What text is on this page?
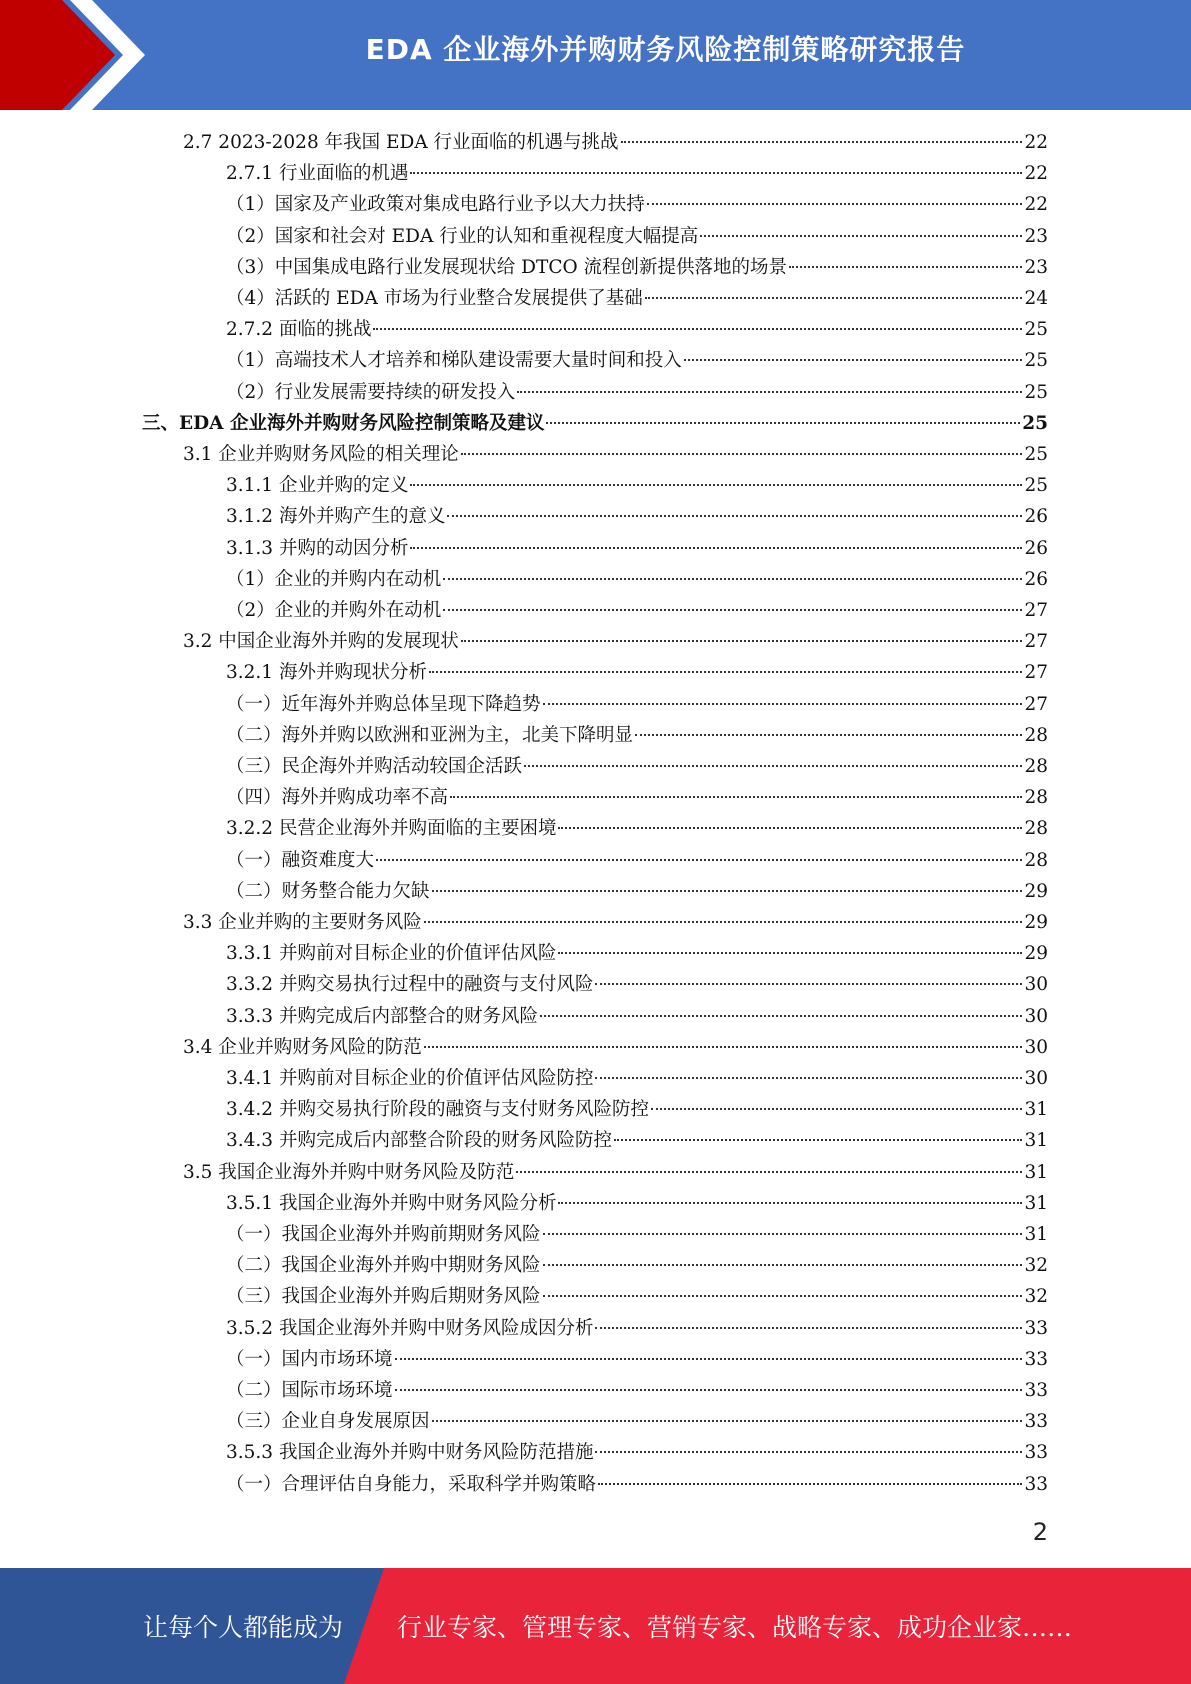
EDA 企业海外并购财务风险控制策略研究报告
2.7 2023-2028 年我国 EDA 行业面临的机遇与挑战	22
2.7.1 行业面临的机遇	22
（1）国家及产业政策对集成电路行业予以大力扶持	22
（2）国家和社会对 EDA 行业的认知和重视程度大幅提高	23
（3）中国集成电路行业发展现状给 DTCO 流程创新提供落地的场景	23
（4）活跃的 EDA 市场为行业整合发展提供了基础	24
2.7.2 面临的挑战	25
（1）高端技术人才培养和梯队建设需要大量时间和投入	25
（2）行业发展需要持续的研发投入	25
三、EDA 企业海外并购财务风险控制策略及建议	25
3.1 企业并购财务风险的相关理论	25
3.1.1 企业并购的定义	25
3.1.2 海外并购产生的意义	26
3.1.3 并购的动因分析	26
（1）企业的并购内在动机	26
（2）企业的并购外在动机	27
3.2 中国企业海外并购的发展现状	27
3.2.1 海外并购现状分析	27
（一）近年海外并购总体呈现下降趋势	27
（二）海外并购以欧洲和亚洲为主，北美下降明显	28
（三）民企海外并购活动较国企活跃	28
（四）海外并购成功率不高	28
3.2.2 民营企业海外并购面临的主要困境	28
（一）融资难度大	28
（二）财务整合能力欠缺	29
3.3 企业并购的主要财务风险	29
3.3.1 并购前对目标企业的价值评估风险	29
3.3.2 并购交易执行过程中的融资与支付风险	30
3.3.3 并购完成后内部整合的财务风险	30
3.4 企业并购财务风险的防范	30
3.4.1 并购前对目标企业的价值评估风险防控	30
3.4.2 并购交易执行阶段的融资与支付财务风险防控	31
3.4.3 并购完成后内部整合阶段的财务风险防控	31
3.5 我国企业海外并购中财务风险及防范	31
3.5.1 我国企业海外并购中财务风险分析	31
（一）我国企业海外并购前期财务风险	31
（二）我国企业海外并购中期财务风险	32
（三）我国企业海外并购后期财务风险	32
3.5.2 我国企业海外并购中财务风险成因分析	33
（一）国内市场环境	33
（二）国际市场环境	33
（三）企业自身发展原因	33
3.5.3 我国企业海外并购中财务风险防范措施	33
（一）合理评估自身能力，采取科学并购策略	33
2
让每个人都能成为 行业专家、管理专家、营销专家、战略专家、成功企业家……
